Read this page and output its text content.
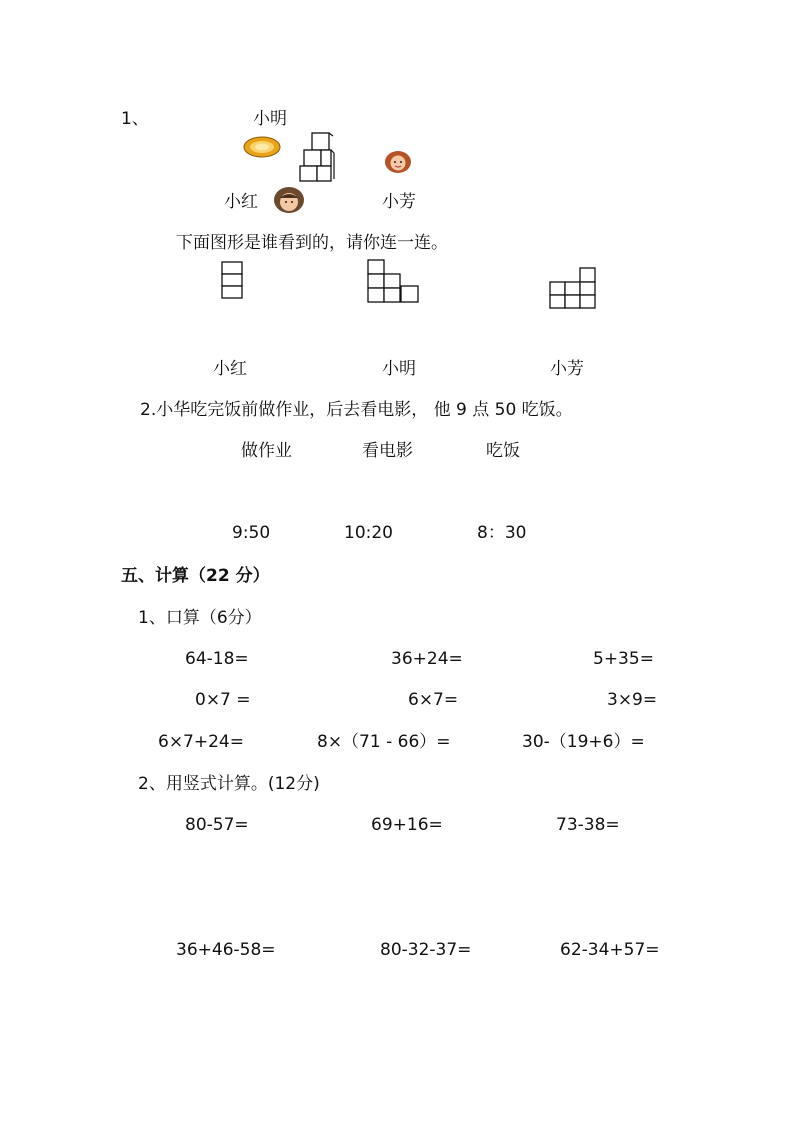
1、	小明
小红	小芳
下面图形是谁看到的，请你连一连。
小红	小明	小芳
2.小华吃完饭前做作业，后去看电影， 他 9 点 50 吃饭。
做作业	看电影	吃饭
9:50	10:20	8：30
五、计算（22 分）
1、口算（6分）
64-18=	36+24=	5+35=
0×7 =	6×7=	3×9=
6×7+24=	8×（71 - 66）=	30-（19+6）=
2、用竖式计算。(12分)
80-57=	69+16=	73-38=
36+46-58=	80-32-37=	62-34+57=
